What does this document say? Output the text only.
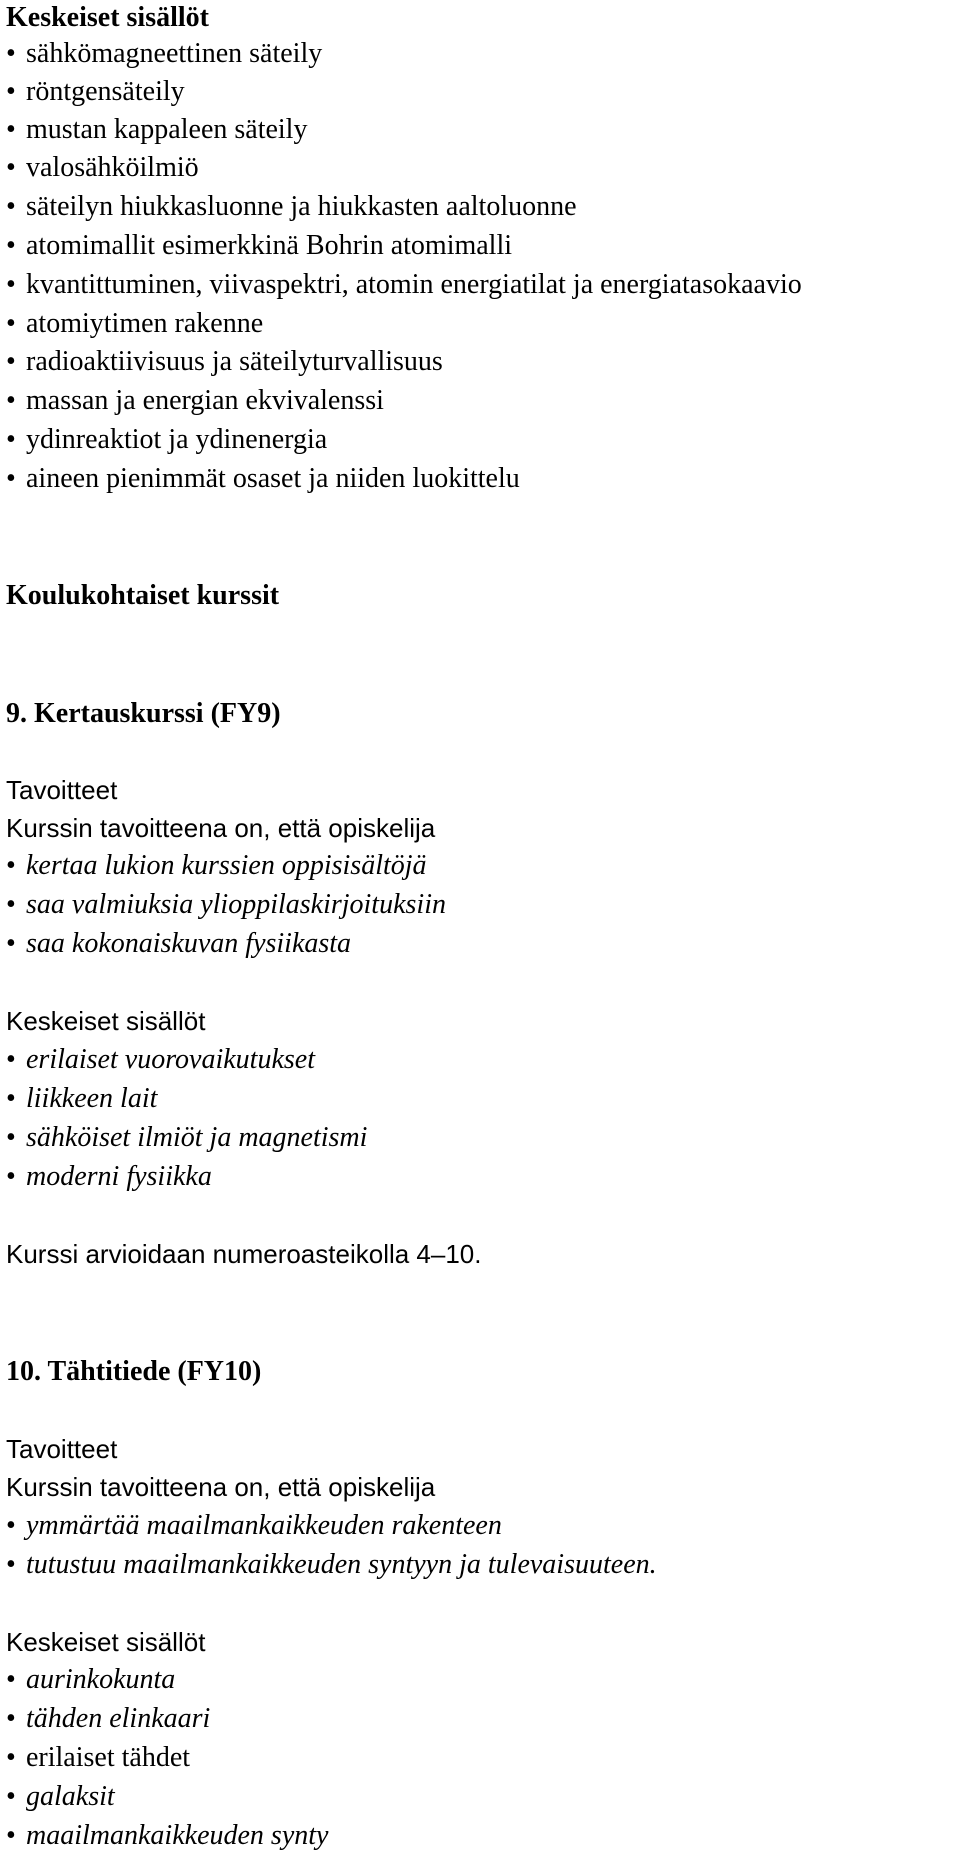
Keskeiset sisällöt
• sähkömagneettinen säteily
• röntgensäteily
• mustan kappaleen säteily
• valosähköilmiö
• säteilyn hiukkasluonne ja hiukkasten aaltoluonne
• atomimallit esimerkkinä Bohrin atomimalli
• kvantittuminen, viivaspektri, atomin energiatilat ja energiatasokaavio
• atomiytimen rakenne
• radioaktiivisuus ja säteilyturvallisuus
• massan ja energian ekvivalenssi
• ydinreaktiot ja ydinenergia
• aineen pienimmät osaset ja niiden luokittelu
Koulukohtaiset kurssit
9. Kertauskurssi (FY9)
Tavoitteet
Kurssin tavoitteena on, että opiskelija
• kertaa lukion kurssien oppisisältöjä
• saa valmiuksia ylioppilaskirjoituksiin
• saa kokonaiskuvan fysiikasta
Keskeiset sisällöt
• erilaiset vuorovaikutukset
• liikkeen lait
• sähköiset ilmiöt ja magnetismi
• moderni fysiikka
Kurssi arvioidaan numeroasteikolla 4–10.
10. Tähtitiede (FY10)
Tavoitteet
Kurssin tavoitteena on, että opiskelija
• ymmärtää maailmankaikkeuden rakenteen
• tutustuu maailmankaikkeuden syntyyn ja tulevaisuuteen.
Keskeiset sisällöt
• aurinkokunta
• tähden elinkaari
• erilaiset tähdet
• galaksit
• maailmankaikkeuden synty
